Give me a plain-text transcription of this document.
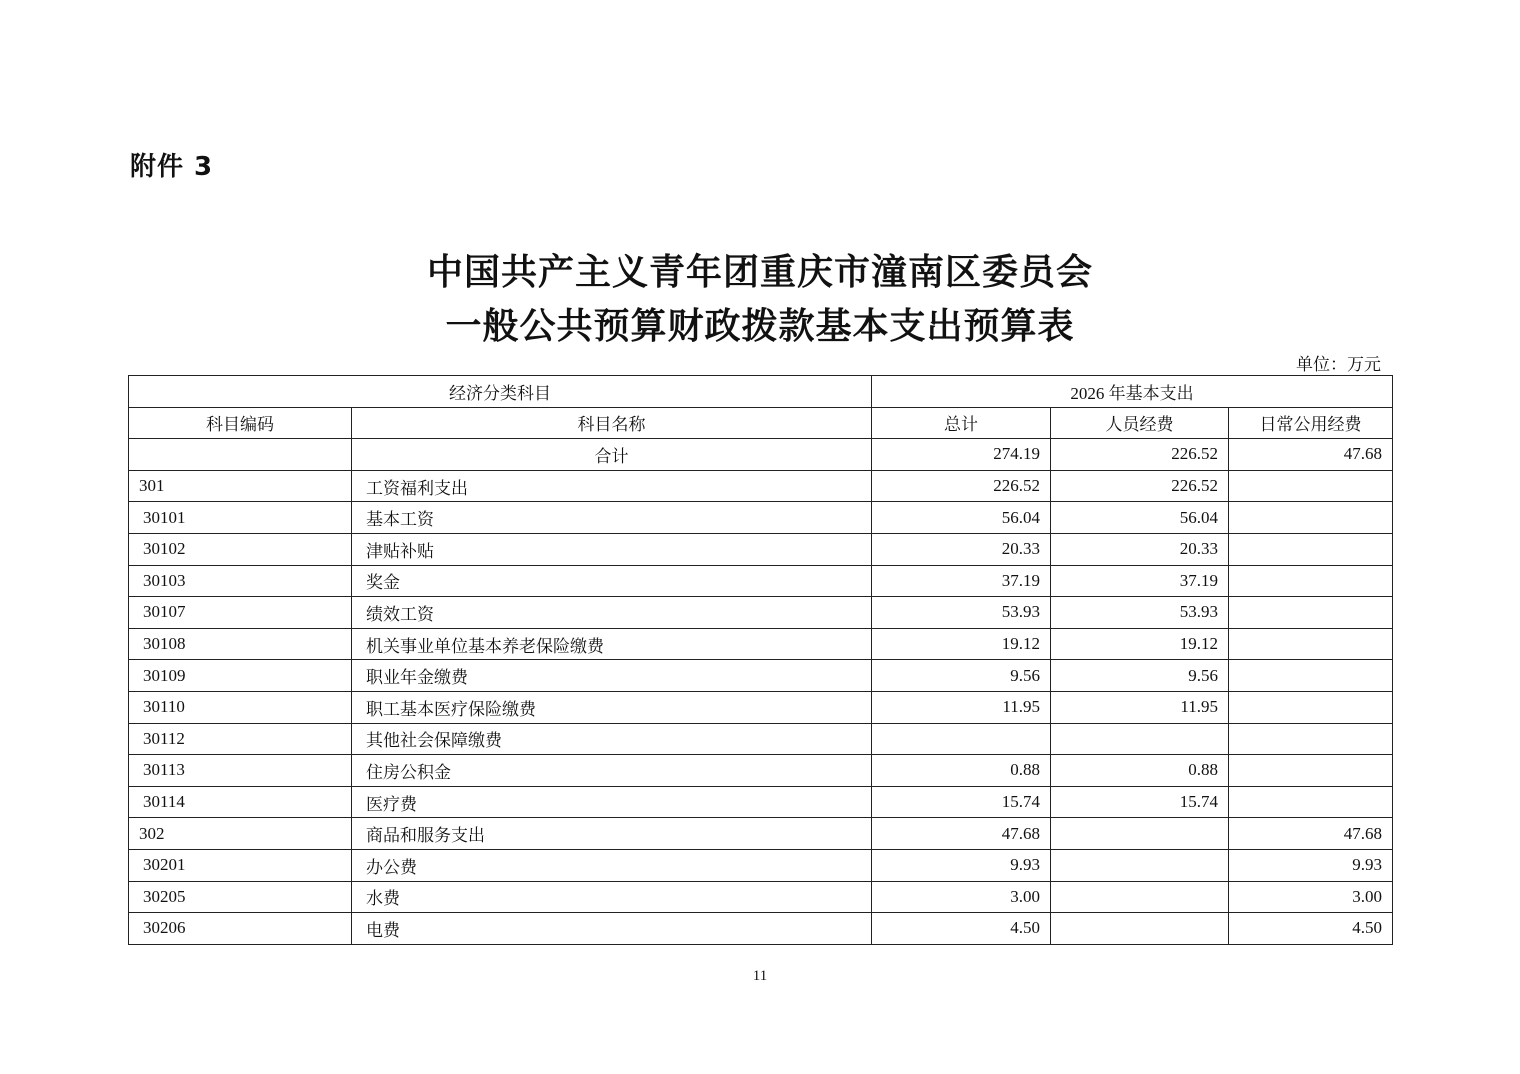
附件 3
中国共产主义青年团重庆市潼南区委员会
一般公共预算财政拨款基本支出预算表
单位：万元
经济分类科目		2026 年基本支出		
科目编码	科目名称	总计	人员经费	日常公用经费
	合计	274.19	226.52	47.68
301	工资福利支出	226.52	226.52	
30101	基本工资	56.04	56.04	
30102	津贴补贴	20.33	20.33	
30103	奖金	37.19	37.19	
30107	绩效工资	53.93	53.93	
30108	机关事业单位基本养老保险缴费	19.12	19.12	
30109	职业年金缴费	9.56	9.56	
30110	职工基本医疗保险缴费	11.95	11.95	
30112	其他社会保障缴费			
30113	住房公积金	0.88	0.88	
30114	医疗费	15.74	15.74	
302	商品和服务支出	47.68		47.68
30201	办公费	9.93		9.93
30205	水费	3.00		3.00
30206	电费	4.50		4.50
11
